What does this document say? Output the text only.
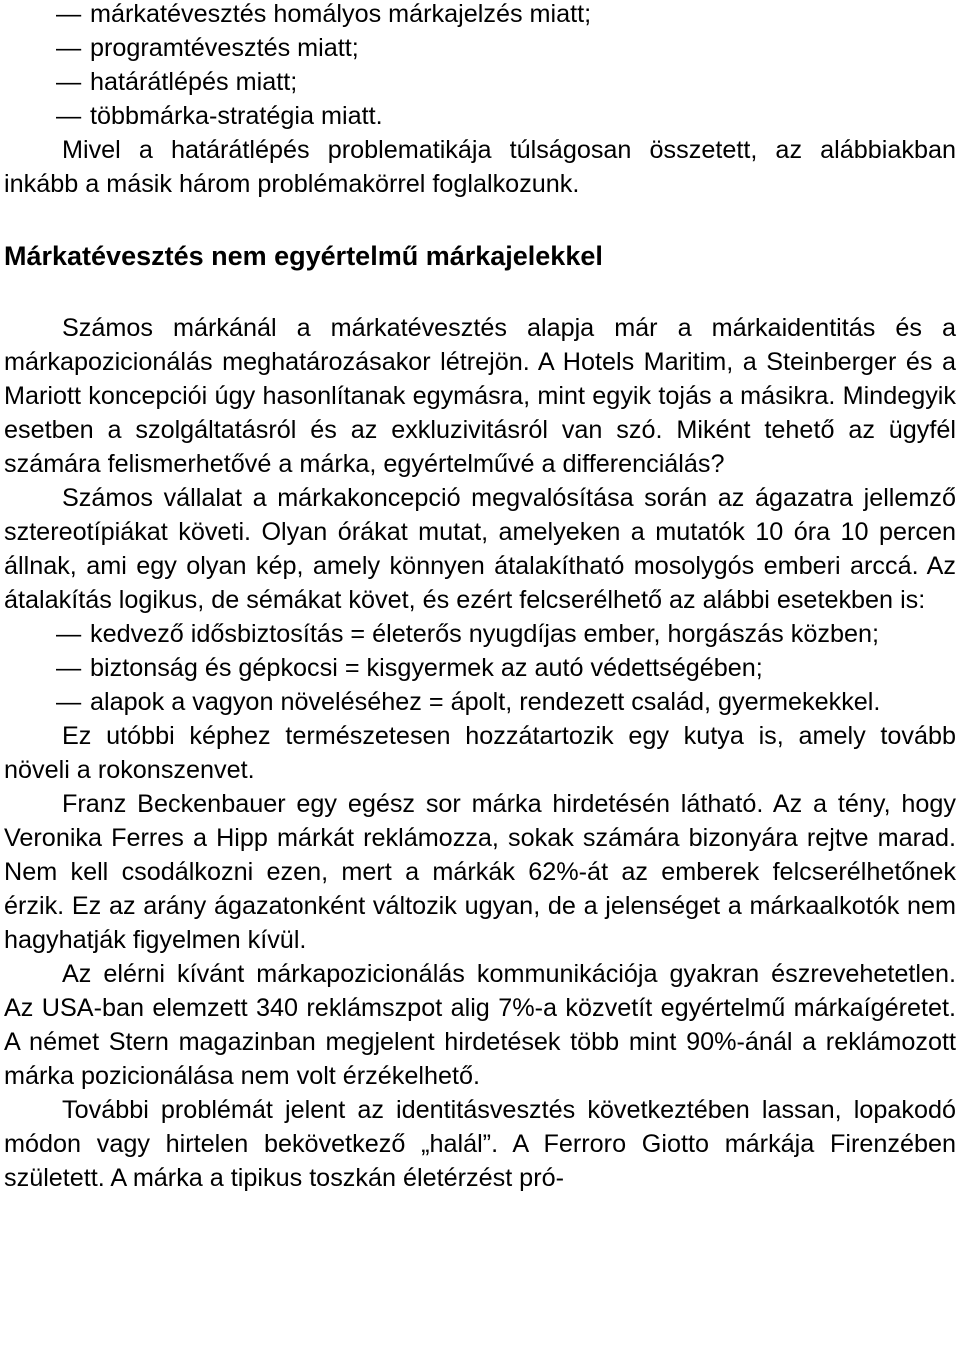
— márkatévesztés homályos márkajelzés miatt;

— programtévesztés miatt;

— határátlépés miatt;

— többmárka-stratégia miatt.

Mivel a határátlépés problematikája túlságosan összetett, az alábbiakban inkább a másik három problémakörrel foglalkozunk.

Márkatévesztés nem egyértelmű márkajelekkel

Számos márkánál a márkatévesztés alapja már a márkaidentitás és a márkapozicionálás meghatározásakor létrejön. A Hotels Maritim, a Steinberger és a Mariott koncepciói úgy hasonlítanak egymásra, mint egyik tojás a másikra. Mindegyik esetben a szolgáltatásról és az exkluzivitásról van szó. Miként tehető az ügyfél számára felismerhetővé a márka, egyértelművé a differenciálás?

Számos vállalat a márkakoncepció megvalósítása során az ágazatra jellemző sztereotípiákat követi. Olyan órákat mutat, amelyeken a mutatók 10 óra 10 percen állnak, ami egy olyan kép, amely könnyen átalakítható mosolygós emberi arccá. Az átalakítás logikus, de sémákat követ, és ezért felcserélhető az alábbi esetekben is:

— kedvező idősbiztosítás = életerős nyugdíjas ember, horgászás közben;

— biztonság és gépkocsi = kisgyermek az autó védettségében;

— alapok a vagyon növeléséhez = ápolt, rendezett család, gyermekekkel.

Ez utóbbi képhez természetesen hozzátartozik egy kutya is, amely tovább növeli a rokonszenvet.

Franz Beckenbauer egy egész sor márka hirdetésén látható. Az a tény, hogy Veronika Ferres a Hipp márkát reklámozza, sokak számára bizonyára rejtve marad. Nem kell csodálkozni ezen, mert a márkák 62%-át az emberek felcserélhetőnek érzik. Ez az arány ágazatonként változik ugyan, de a jelenséget a márkaalkotók nem hagyhatják figyelmen kívül.

Az elérni kívánt márkapozicionálás kommunikációja gyakran észrevehetetlen. Az USA-ban elemzett 340 reklámszpot alig 7%-a közvetít egyértelmű márkaígéretet. A német Stern magazinban megjelent hirdetések több mint 90%-ánál a reklámozott márka pozicionálása nem volt érzékelhető.

További problémát jelent az identitásvesztés következtében lassan, lopakodó módon vagy hirtelen bekövetkező „halál”. A Ferroro Giotto márkája Firenzében született. A márka a tipikus toszkán életérzést pró-
